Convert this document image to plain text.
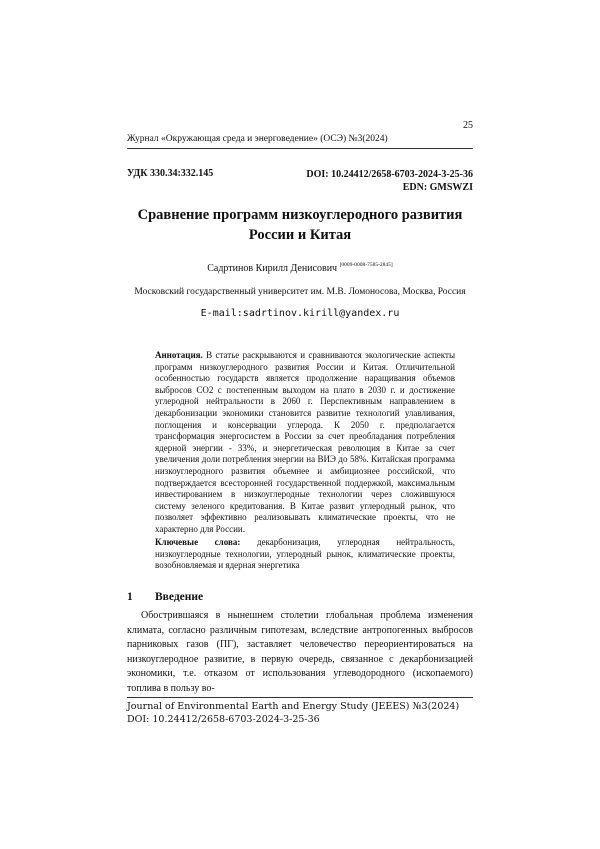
25
Журнал «Окружающая среда и энерговедение» (ОСЭ) №3(2024)
УДК 330.34:332.145	DOI: 10.24412/2658-6703-2024-3-25-36
EDN: GMSWZI
Сравнение программ низкоуглеродного развития
России и Китая
Садртинов Кирилл Денисович [0009-0008-7585-2845]
Московский государственный университет им. М.В. Ломоносова, Москва, Россия
E-mail:sadrtinov.kirill@yandex.ru
Аннотация. В статье раскрываются и сравниваются экологические аспекты программ низкоуглеродного развития России и Китая. Отличительной особенностью государств является продолжение наращивания объемов выбросов СО2 с постепенным выходом на плато в 2030 г. и достижение углеродной нейтральности в 2060 г. Перспективным направлением в декарбонизации экономики становится развитие технологий улавливания, поглощения и консервации углерода. К 2050 г. предполагается трансформация энергосистем в России за счет преобладания потребления ядерной энергии - 33%, и энергетическая революция в Китае за счет увеличения доли потребления энергии на ВИЭ до 58%. Китайская программа низкоуглеродного развития объемнее и амбициознее российской, что подтверждается всесторонней государственной поддержкой, максимальным инвестированием в низкоуглеродные технологии через сложившуюся систему зеленого кредитования. В Китае развит углеродный рынок, что позволяет эффективно реализовывать климатические проекты, что не характерно для России.
Ключевые слова: декарбонизация, углеродная нейтральность, низкоуглеродные технологии, углеродный рынок, климатические проекты, возобновляемая и ядерная энергетика
1 Введение
Обострившаяся в нынешнем столетии глобальная проблема изменения климата, согласно различным гипотезам, вследствие антропогенных выбросов парниковых газов (ПГ), заставляет человечество переориентироваться на низкоуглеродное развитие, в первую очередь, связанное с декарбонизацией экономики, т.е. отказом от использования углеводородного (ископаемого) топлива в пользу во-
Journal of Environmental Earth and Energy Study (JEEES) №3(2024)
DOI: 10.24412/2658-6703-2024-3-25-36
